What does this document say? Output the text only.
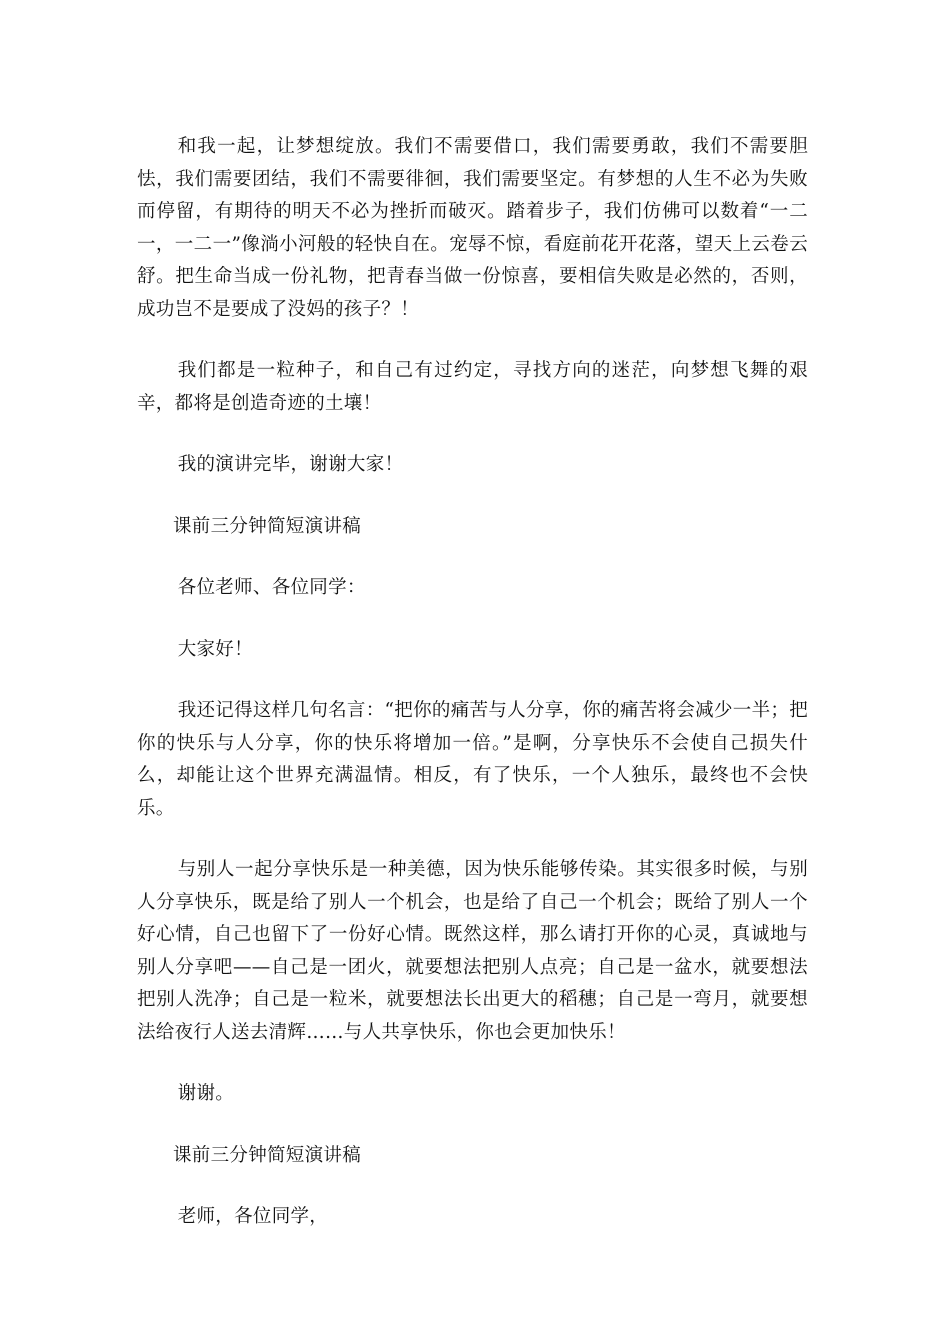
和我一起，让梦想绽放。我们不需要借口，我们需要勇敢，我们不需要胆怯，我们需要团结，我们不需要徘徊，我们需要坚定。有梦想的人生不必为失败而停留，有期待的明天不必为挫折而破灭。踏着步子，我们仿佛可以数着“一二一，一二一”像淌小河般的轻快自在。宠辱不惊，看庭前花开花落，望天上云卷云舒。把生命当成一份礼物，把青春当做一份惊喜，要相信失败是必然的，否则，成功岂不是要成了没妈的孩子？！

我们都是一粒种子，和自己有过约定，寻找方向的迷茫，向梦想飞舞的艰辛，都将是创造奇迹的土壤！

我的演讲完毕，谢谢大家！

课前三分钟简短演讲稿

各位老师、各位同学：

大家好！

我还记得这样几句名言：“把你的痛苦与人分享，你的痛苦将会减少一半；把你的快乐与人分享，你的快乐将增加一倍。”是啊，分享快乐不会使自己损失什么，却能让这个世界充满温情。相反，有了快乐，一个人独乐，最终也不会快乐。

与别人一起分享快乐是一种美德，因为快乐能够传染。其实很多时候，与别人分享快乐，既是给了别人一个机会，也是给了自己一个机会；既给了别人一个好心情，自己也留下了一份好心情。既然这样，那么请打开你的心灵，真诚地与别人分享吧——自己是一团火，就要想法把别人点亮；自己是一盆水，就要想法把别人洗净；自己是一粒米，就要想法长出更大的稻穗；自己是一弯月，就要想法给夜行人送去清辉……与人共享快乐，你也会更加快乐！

谢谢。

课前三分钟简短演讲稿

老师，各位同学，
